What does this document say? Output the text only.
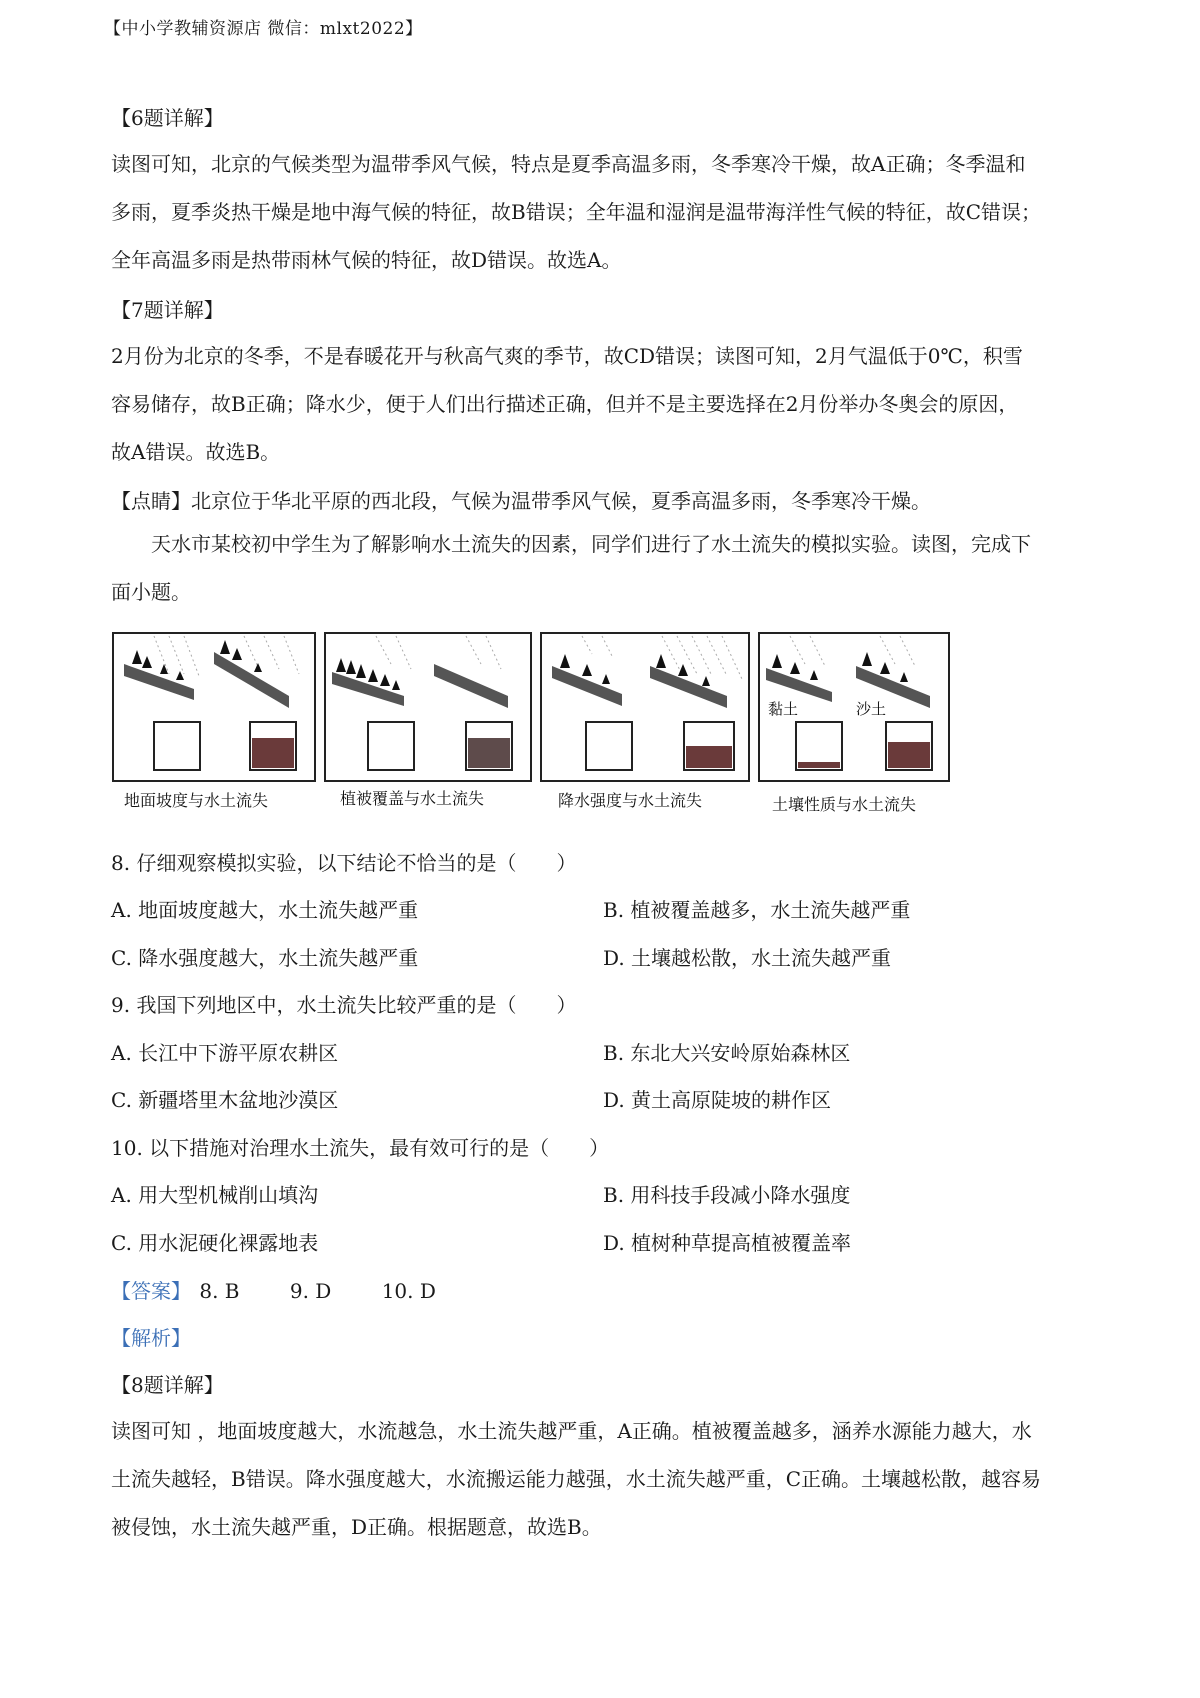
【中小学教辅资源店 微信：mlxt2022】
【6题详解】
读图可知，北京的气候类型为温带季风气候，特点是夏季高温多雨，冬季寒冷干燥，故A正确；冬季温和
多雨，夏季炎热干燥是地中海气候的特征，故B错误；全年温和湿润是温带海洋性气候的特征，故C错误；
全年高温多雨是热带雨林气候的特征，故D错误。故选A。
【7题详解】
2月份为北京的冬季，不是春暖花开与秋高气爽的季节，故CD错误；读图可知，2月气温低于0℃，积雪
容易储存，故B正确；降水少，便于人们出行描述正确，但并不是主要选择在2月份举办冬奥会的原因，
故A错误。故选B。
【点睛】北京位于华北平原的西北段，气候为温带季风气候，夏季高温多雨，冬季寒冷干燥。
天水市某校初中学生为了解影响水土流失的因素，同学们进行了水土流失的模拟实验。读图，完成下
面小题。
黏土	沙土
地面坡度与水土流失	植被覆盖与水土流失	降水强度与水土流失	土壤性质与水土流失
8. 仔细观察模拟实验，以下结论不恰当的是（　　）
A. 地面坡度越大，水土流失越严重	B. 植被覆盖越多，水土流失越严重
C. 降水强度越大，水土流失越严重	D. 土壤越松散，水土流失越严重
9. 我国下列地区中，水土流失比较严重的是（　　）
A. 长江中下游平原农耕区	B. 东北大兴安岭原始森林区
C. 新疆塔里木盆地沙漠区	D. 黄土高原陡坡的耕作区
10. 以下措施对治理水土流失，最有效可行的是（　　）
A. 用大型机械削山填沟	B. 用科技手段减小降水强度
C. 用水泥硬化裸露地表	D. 植树种草提高植被覆盖率
【答案】 8. B	9. D	10. D
【解析】
【8题详解】
读图可知 ，地面坡度越大，水流越急，水土流失越严重，A正确。植被覆盖越多，涵养水源能力越大，水
土流失越轻，B错误。降水强度越大，水流搬运能力越强，水土流失越严重，C正确。土壤越松散，越容易
被侵蚀，水土流失越严重，D正确。根据题意，故选B。
